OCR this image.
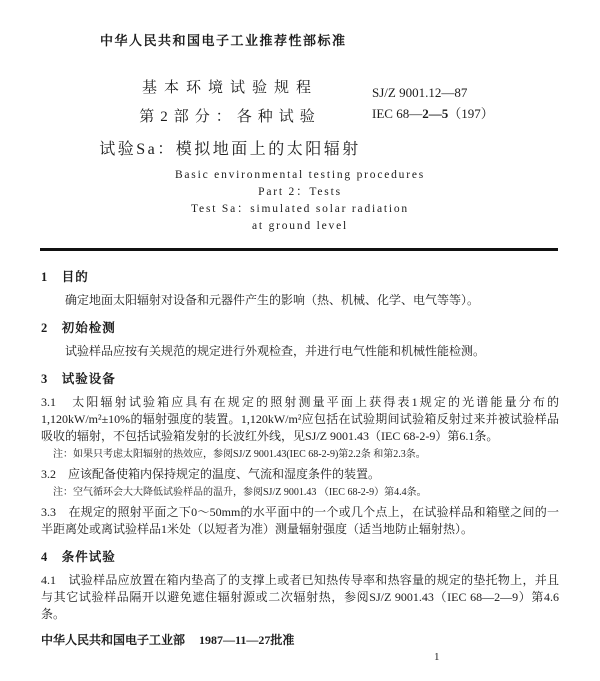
中华人民共和国电子工业推荐性部标准
基本环境试验规程
第2部分：各种试验
试验Sa：模拟地面上的太阳辐射
SJ/Z 9001.12—87
IEC 68—2—5（197）
Basic environmental testing procedures
Part 2：Tests
Test Sa：simulated solar radiation
at ground level
1　目的
确定地面太阳辐射对设备和元器件产生的影响（热、机械、化学、电气等等）。
2　初始检测
试验样品应按有关规范的规定进行外观检查，并进行电气性能和机械性能检测。
3　试验设备
3.1　太阳辐射试验箱应具有在规定的照射测量平面上获得表1规定的光谱能量分布的1,120kW/m²±10%的辐射强度的装置。1,120kW/m²应包括在试验期间试验箱反射过来并被试验样品吸收的辐射，不包括试验箱发射的长波红外线，见SJ/Z 9001.43（IEC 68-2-9）第6.1条。
注：如果只考虑太阳辐射的热效应，参阅SJ/Z 9001.43(IEC 68-2-9)第2.2条 和第2.3条。
3.2　应该配备使箱内保持规定的温度、气流和湿度条件的装置。
注：空气循环会大大降低试验样品的温升，参阅SJ/Z 9001.43 （IEC 68-2-9）第4.4条。
3.3　在规定的照射平面之下0～50mm的水平面中的一个或几个点上，在试验样品和箱壁之间的一半距离处或离试验样品1米处（以短者为准）测量辐射强度（适当地防止辐射热）。
4　条件试验
4.1　试验样品应放置在箱内垫高了的支撑上或者已知热传导率和热容量的规定的垫托物上，并且与其它试验样品隔开以避免遮住辐射源或二次辐射热，参阅SJ/Z 9001.43（IEC 68—2—9）第4.6条。
中华人民共和国电子工业部 1987—11—27批准
1
